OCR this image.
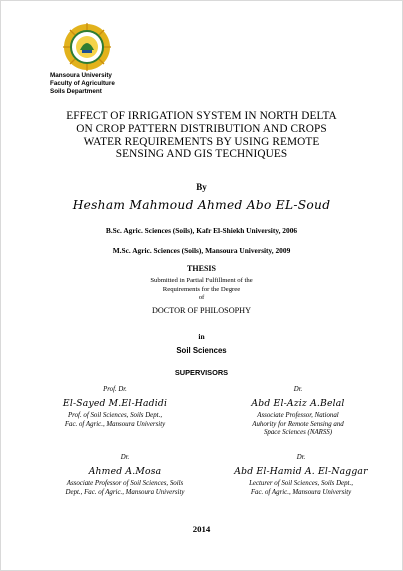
Mansoura University
Faculty of Agriculture
Soils Department
EFFECT OF IRRIGATION SYSTEM IN NORTH DELTA
ON CROP PATTERN DISTRIBUTION AND CROPS
WATER REQUIREMENTS BY USING REMOTE
SENSING AND GIS TECHNIQUES
By
Hesham Mahmoud Ahmed Abo EL-Soud
B.Sc. Agric. Sciences (Soils), Kafr El-Shiekh University, 2006
M.Sc. Agric. Sciences (Soils), Mansoura University, 2009
THESIS
Submitted in Partial Fulfillment of the
Requirements for the Degree
of
DOCTOR OF PHILOSOPHY
in
Soil Sciences
SUPERVISORS
Prof. Dr.
El-Sayed M.El-Hadidi
Prof. of Soil Sciences, Soils Dept.,
Fac. of Agric., Mansoura University
Dr.
Abd El-Aziz A.Belal
Associate Professor, National
Auhority for Remote Sensing and
Space Sciences (NARSS)
Dr.
Ahmed A.Mosa
Associate Professor of Soil Sciences, Soils
Dept., Fac. of Agric., Mansoura University
Dr.
Abd El-Hamid A. El-Naggar
Lecturer of Soil Sciences, Soils Dept.,
Fac. of Agric., Mansoura University
2014
